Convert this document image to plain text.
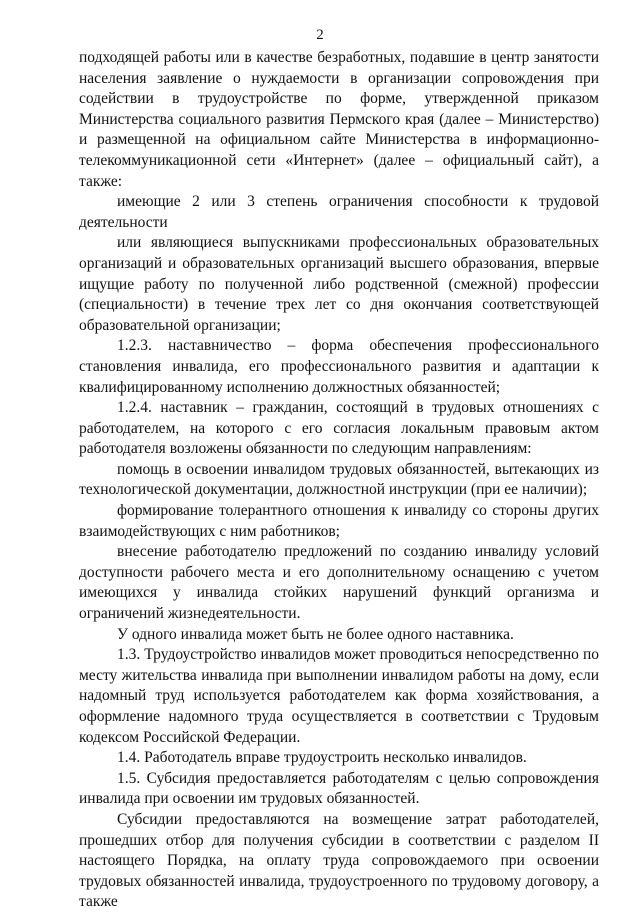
2

подходящей работы или в качестве безработных, подавшие в центр занятости населения заявление о нуждаемости в организации сопровождения при содействии в трудоустройстве по форме, утвержденной приказом Министерства социального развития Пермского края (далее – Министерство) и размещенной на официальном сайте Министерства в информационно-телекоммуникационной сети «Интернет» (далее – официальный сайт), а также:

имеющие 2 или 3 степень ограничения способности к трудовой деятельности

или являющиеся выпускниками профессиональных образовательных организаций и образовательных организаций высшего образования, впервые ищущие работу по полученной либо родственной (смежной) профессии (специальности) в течение трех лет со дня окончания соответствующей образовательной организации;

1.2.3. наставничество – форма обеспечения профессионального становления инвалида, его профессионального развития и адаптации к квалифицированному исполнению должностных обязанностей;

1.2.4. наставник – гражданин, состоящий в трудовых отношениях с работодателем, на которого с его согласия локальным правовым актом работодателя возложены обязанности по следующим направлениям:

помощь в освоении инвалидом трудовых обязанностей, вытекающих из технологической документации, должностной инструкции (при ее наличии);

формирование толерантного отношения к инвалиду со стороны других взаимодействующих с ним работников;

внесение работодателю предложений по созданию инвалиду условий доступности рабочего места и его дополнительному оснащению с учетом имеющихся у инвалида стойких нарушений функций организма и ограничений жизнедеятельности.

У одного инвалида может быть не более одного наставника.

1.3. Трудоустройство инвалидов может проводиться непосредственно по месту жительства инвалида при выполнении инвалидом работы на дому, если надомный труд используется работодателем как форма хозяйствования, а оформление надомного труда осуществляется в соответствии с Трудовым кодексом Российской Федерации.

1.4. Работодатель вправе трудоустроить несколько инвалидов.

1.5. Субсидия предоставляется работодателям с целью сопровождения инвалида при освоении им трудовых обязанностей.

Субсидии предоставляются на возмещение затрат работодателей, прошедших отбор для получения субсидии в соответствии с разделом II настоящего Порядка, на оплату труда сопровождаемого при освоении трудовых обязанностей инвалида, трудоустроенного по трудовому договору, а также
